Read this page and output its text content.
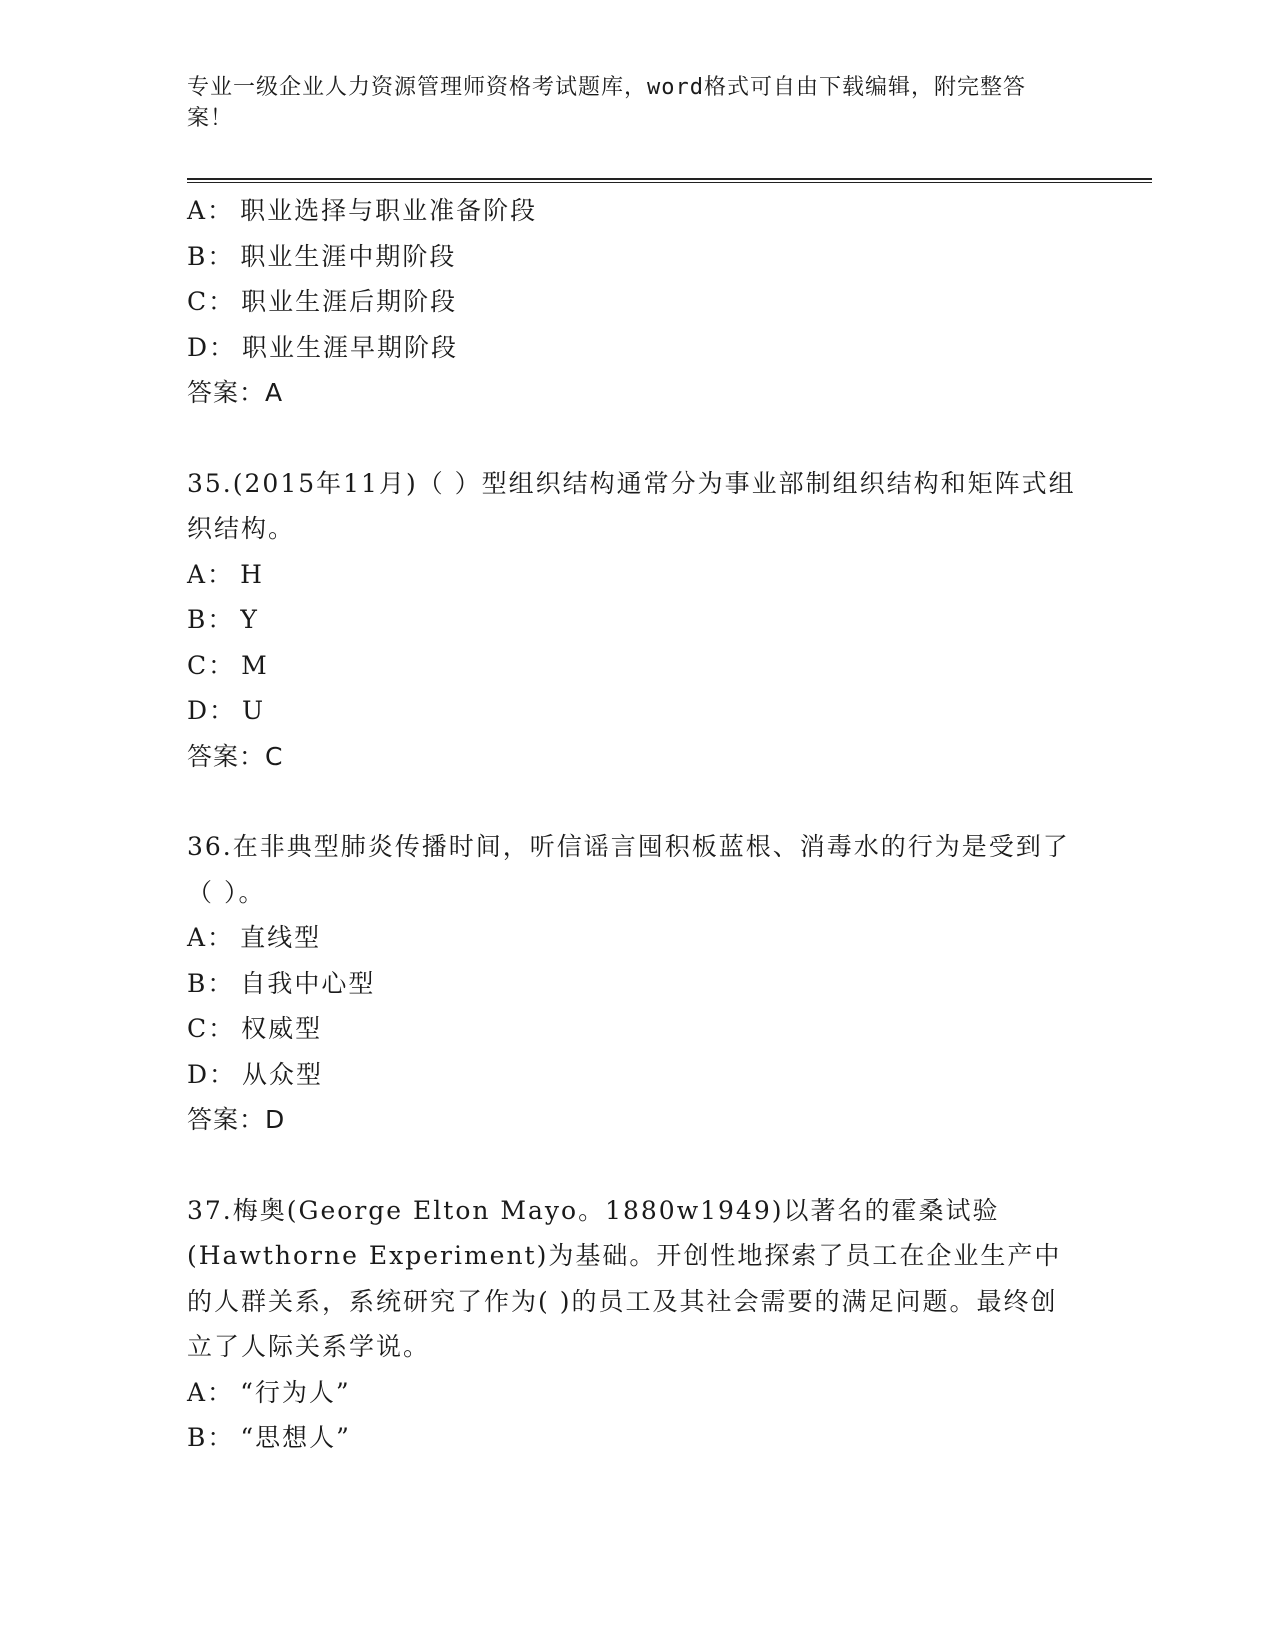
专业一级企业人力资源管理师资格考试题库，word格式可自由下载编辑，附完整答案！
A： 职业选择与职业准备阶段
B： 职业生涯中期阶段
C： 职业生涯后期阶段
D： 职业生涯早期阶段
答案：A
35.(2015年11月)（ ）型组织结构通常分为事业部制组织结构和矩阵式组织结构。
A： H
B： Y
C： M
D： U
答案：C
36.在非典型肺炎传播时间，听信谣言囤积板蓝根、消毒水的行为是受到了（ ）。
A： 直线型
B： 自我中心型
C： 权威型
D： 从众型
答案：D
37.梅奥(George Elton Mayo。1880w1949)以著名的霍桑试验(Hawthorne Experiment)为基础。开创性地探索了员工在企业生产中的人群关系，系统研究了作为( )的员工及其社会需要的满足问题。最终创立了人际关系学说。
A： “行为人”
B： “思想人”
